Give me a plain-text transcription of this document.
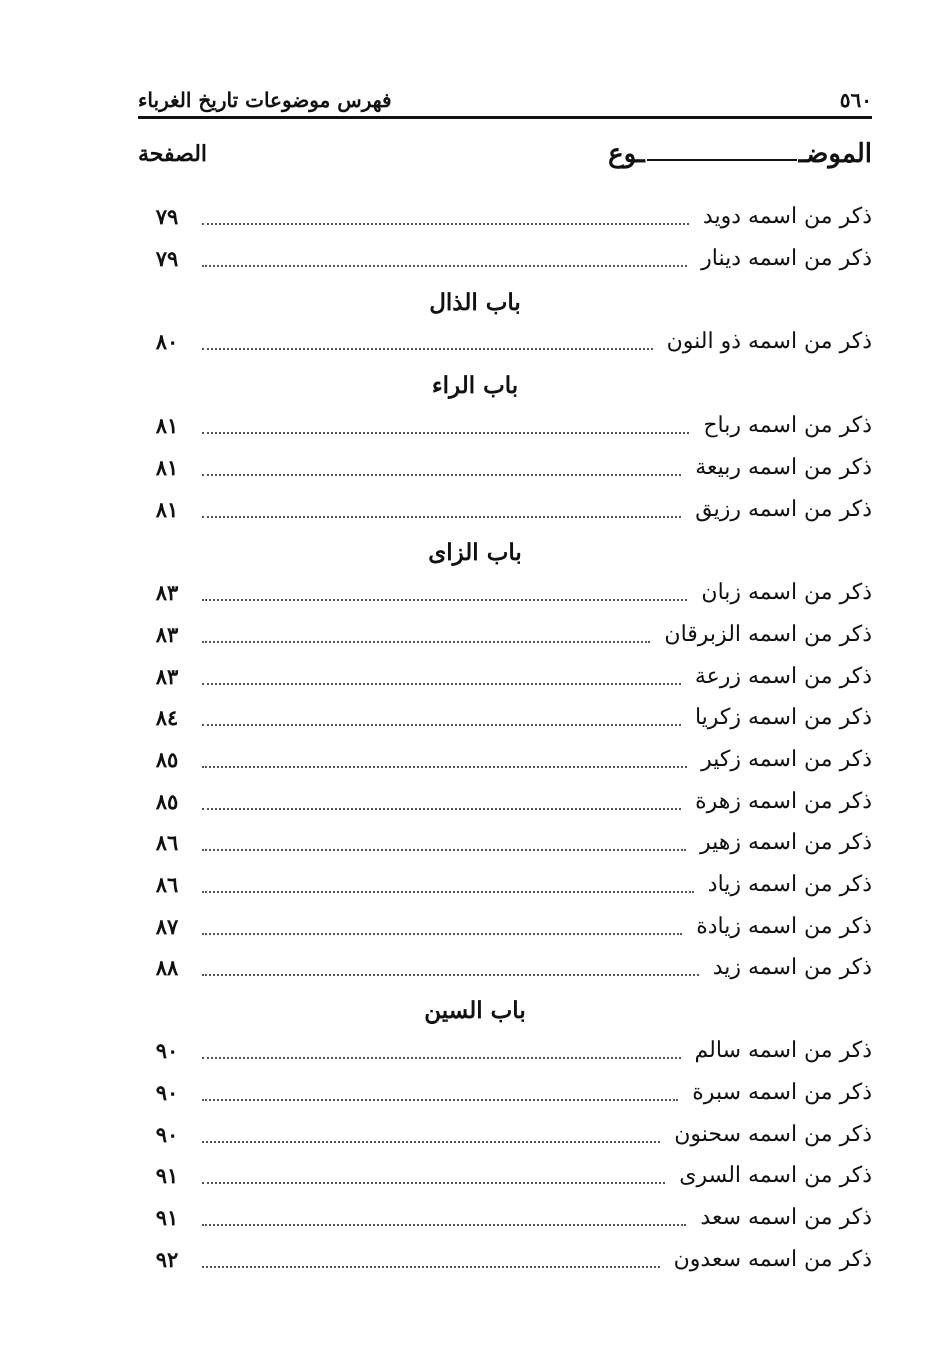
٥٦٠
فهرس موضوعات تاريخ الغرباء
الموضـ
ـوع
الصفحة
ذكر من اسمه دويد
٧٩
ذكر من اسمه دينار
٧٩
باب الذال
ذكر من اسمه ذو النون
٨٠
باب الراء
ذكر من اسمه رباح
٨١
ذكر من اسمه ربيعة
٨١
ذكر من اسمه رزيق
٨١
باب الزاى
ذكر من اسمه زبان
٨٣
ذكر من اسمه الزبرقان
٨٣
ذكر من اسمه زرعة
٨٣
ذكر من اسمه زكريا
٨٤
ذكر من اسمه زكير
٨٥
ذكر من اسمه زهرة
٨٥
ذكر من اسمه زهير
٨٦
ذكر من اسمه زياد
٨٦
ذكر من اسمه زيادة
٨٧
ذكر من اسمه زيد
٨٨
باب السين
ذكر من اسمه سالم
٩٠
ذكر من اسمه سبرة
٩٠
ذكر من اسمه سحنون
٩٠
ذكر من اسمه السرى
٩١
ذكر من اسمه سعد
٩١
ذكر من اسمه سعدون
٩٢
